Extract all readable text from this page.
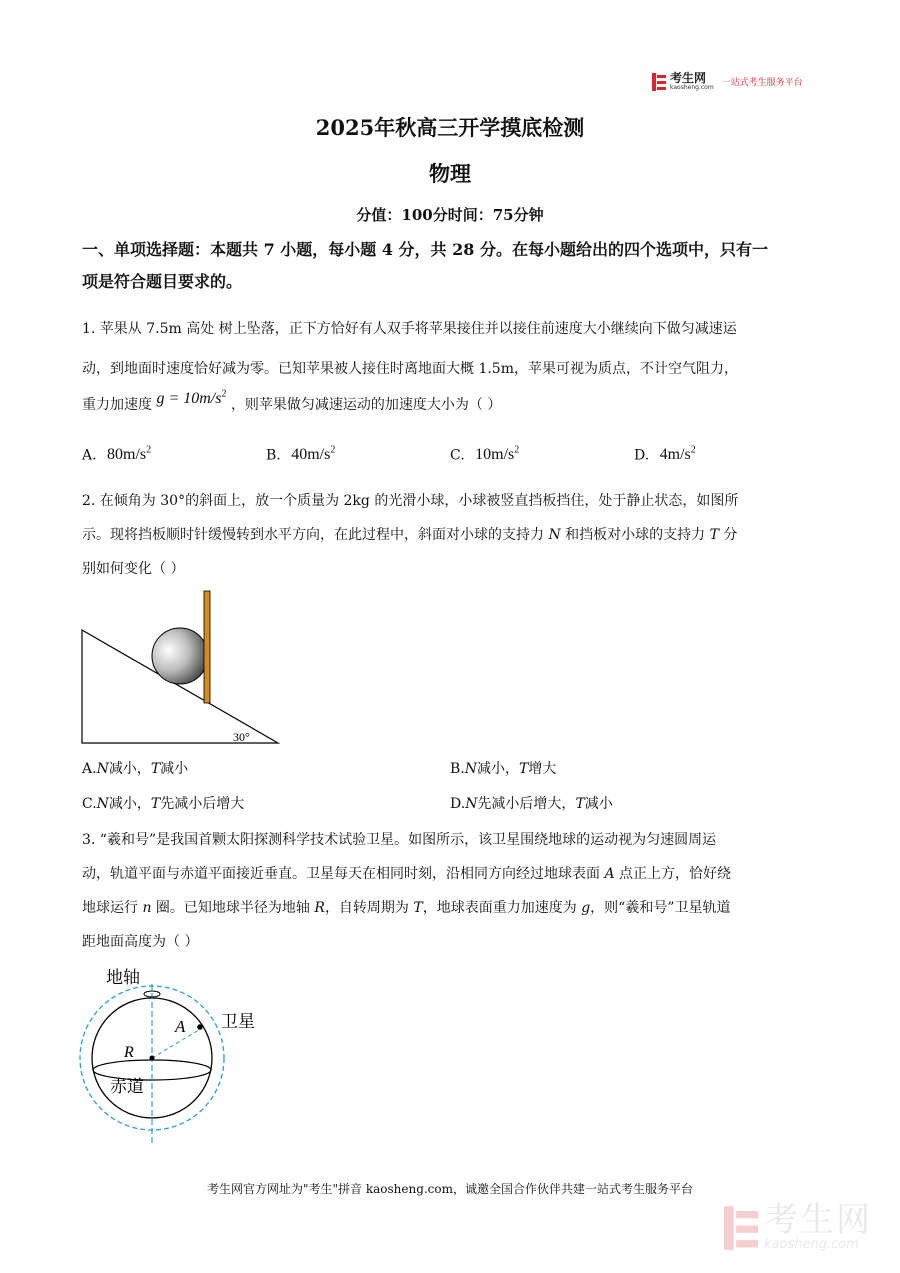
考生网
kaosheng.com 一站式考生服务平台
2025年秋高三开学摸底检测
物理
分值：100分时间：75分钟
一、单项选择题：本题共 7 小题，每小题 4 分，共 28 分。在每小题给出的四个选项中，只有一
项是符合题目要求的。
1. 苹果从 7.5m 高处 树上坠落，正下方恰好有人双手将苹果接住并以接住前速度大小继续向下做匀减速运
动，到地面时速度恰好减为零。已知苹果被人接住时离地面大概 1.5m，苹果可视为质点，不计空气阻力，
重力加速度 $g = 10m/s^2$ ，则苹果做匀减速运动的加速度大小为（ ）
A. $80m/s^2$	B. $40m/s^2$	C. $10m/s^2$	D. $4m/s^2$
2. 在倾角为 30°的斜面上，放一个质量为 2kg 的光滑小球，小球被竖直挡板挡住，处于静止状态，如图所
示。现将挡板顺时针缓慢转到水平方向，在此过程中，斜面对小球的支持力 N 和挡板对小球的支持力 T 分
别如何变化（ ）
30°
A.N减小，T减小	B.N减小，T增大
C.N减小，T先减小后增大	D.N先减小后增大，T减小
3. “羲和号”是我国首颗太阳探测科学技术试验卫星。如图所示，该卫星围绕地球的运动视为匀速圆周运
动，轨道平面与赤道平面接近垂直。卫星每天在相同时刻，沿相同方向经过地球表面 A 点正上方，恰好绕
地球运行 n 圈。已知地球半径为地轴 R，自转周期为 T，地球表面重力加速度为 g，则“羲和号”卫星轨道
距地面高度为（ ）
地轴
卫星
A
R
赤道
考生网官方网址为"考生"拼音 kaosheng.com，诚邀全国合作伙伴共建一站式考生服务平台
考生网
kaosheng.com
